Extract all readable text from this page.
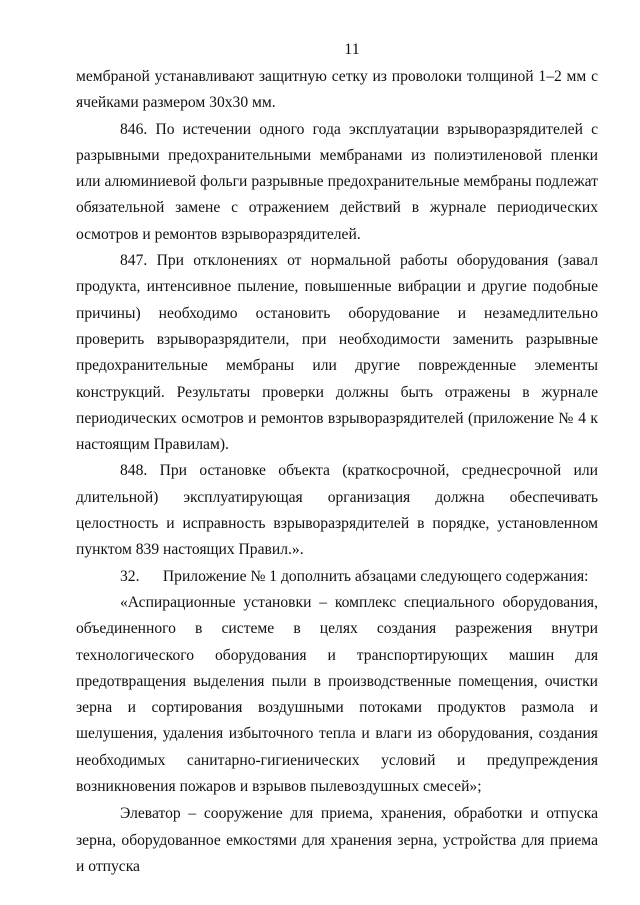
11

мембраной устанавливают защитную сетку из проволоки толщиной 1–2 мм с ячейками размером 30х30 мм.

846. По истечении одного года эксплуатации взрыворазрядителей с разрывными предохранительными мембранами из полиэтиленовой пленки или алюминиевой фольги разрывные предохранительные мембраны подлежат обязательной замене с отражением действий в журнале периодических осмотров и ремонтов взрыворазрядителей.

847. При отклонениях от нормальной работы оборудования (завал продукта, интенсивное пыление, повышенные вибрации и другие подобные причины) необходимо остановить оборудование и незамедлительно проверить взрыворазрядители, при необходимости заменить разрывные предохранительные мембраны или другие поврежденные элементы конструкций. Результаты проверки должны быть отражены в журнале периодических осмотров и ремонтов взрыворазрядителей (приложение № 4 к настоящим Правилам).

848. При остановке объекта (краткосрочной, среднесрочной или длительной) эксплуатирующая организация должна обеспечивать целостность и исправность взрыворазрядителей в порядке, установленном пунктом 839 настоящих Правил.».

32.      Приложение № 1 дополнить абзацами следующего содержания:

«Аспирационные установки – комплекс специального оборудования, объединенного в системе в целях создания разрежения внутри технологического оборудования и транспортирующих машин для предотвращения выделения пыли в производственные помещения, очистки зерна и сортирования воздушными потоками продуктов размола и шелушения, удаления избыточного тепла и влаги из оборудования, создания необходимых санитарно-гигиенических условий и предупреждения возникновения пожаров и взрывов пылевоздушных смесей»;

Элеватор – сооружение для приема, хранения, обработки и отпуска зерна, оборудованное емкостями для хранения зерна, устройства для приема и отпуска
